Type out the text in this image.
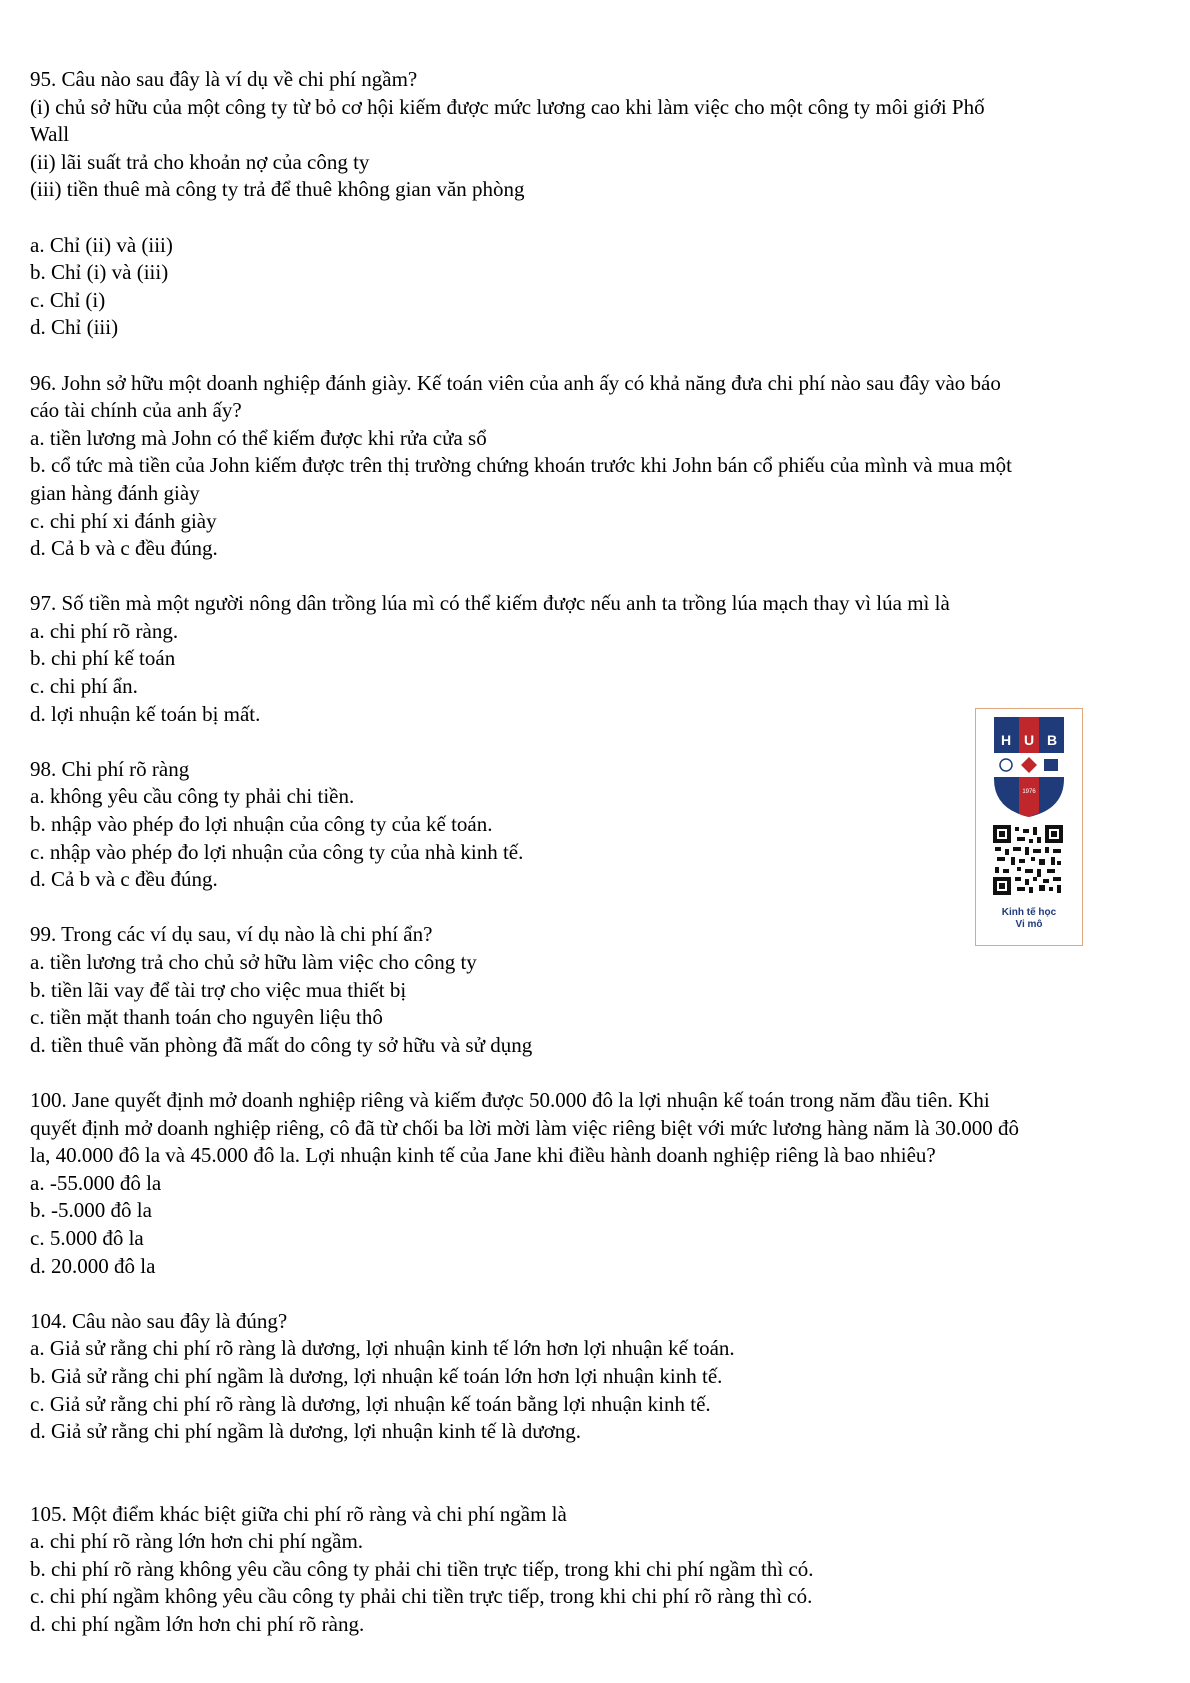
95. Câu nào sau đây là ví dụ về chi phí ngầm?

(i) chủ sở hữu của một công ty từ bỏ cơ hội kiếm được mức lương cao khi làm việc cho một công ty môi giới Phố

Wall

(ii) lãi suất trả cho khoản nợ của công ty

(iii) tiền thuê mà công ty trả để thuê không gian văn phòng

a. Chỉ (ii) và (iii)

b. Chỉ (i) và (iii)

c. Chỉ (i)

d. Chỉ (iii)

96. John sở hữu một doanh nghiệp đánh giày. Kế toán viên của anh ấy có khả năng đưa chi phí nào sau đây vào báo

cáo tài chính của anh ấy?

a. tiền lương mà John có thể kiếm được khi rửa cửa sổ

b. cổ tức mà tiền của John kiếm được trên thị trường chứng khoán trước khi John bán cổ phiếu của mình và mua một

gian hàng đánh giày

c. chi phí xi đánh giày

d. Cả b và c đều đúng.

97. Số tiền mà một người nông dân trồng lúa mì có thể kiếm được nếu anh ta trồng lúa mạch thay vì lúa mì là

a. chi phí rõ ràng.

b. chi phí kế toán

c. chi phí ẩn.

d. lợi nhuận kế toán bị mất.

98. Chi phí rõ ràng

a. không yêu cầu công ty phải chi tiền.

b. nhập vào phép đo lợi nhuận của công ty của kế toán.

c. nhập vào phép đo lợi nhuận của công ty của nhà kinh tế.

d. Cả b và c đều đúng.

99. Trong các ví dụ sau, ví dụ nào là chi phí ẩn?

a. tiền lương trả cho chủ sở hữu làm việc cho công ty

b. tiền lãi vay để tài trợ cho việc mua thiết bị

c. tiền mặt thanh toán cho nguyên liệu thô

d. tiền thuê văn phòng đã mất do công ty sở hữu và sử dụng

100. Jane quyết định mở doanh nghiệp riêng và kiếm được 50.000 đô la lợi nhuận kế toán trong năm đầu tiên. Khi

quyết định mở doanh nghiệp riêng, cô đã từ chối ba lời mời làm việc riêng biệt với mức lương hàng năm là 30.000 đô

la, 40.000 đô la và 45.000 đô la. Lợi nhuận kinh tế của Jane khi điều hành doanh nghiệp riêng là bao nhiêu?

a. -55.000 đô la

b. -5.000 đô la

c. 5.000 đô la

d. 20.000 đô la

104. Câu nào sau đây là đúng?

a. Giả sử rằng chi phí rõ ràng là dương, lợi nhuận kinh tế lớn hơn lợi nhuận kế toán.

b. Giả sử rằng chi phí ngầm là dương, lợi nhuận kế toán lớn hơn lợi nhuận kinh tế.

c. Giả sử rằng chi phí rõ ràng là dương, lợi nhuận kế toán bằng lợi nhuận kinh tế.

d. Giả sử rằng chi phí ngầm là dương, lợi nhuận kinh tế là dương.

105. Một điểm khác biệt giữa chi phí rõ ràng và chi phí ngầm là

a. chi phí rõ ràng lớn hơn chi phí ngầm.

b. chi phí rõ ràng không yêu cầu công ty phải chi tiền trực tiếp, trong khi chi phí ngầm thì có.

c. chi phí ngầm không yêu cầu công ty phải chi tiền trực tiếp, trong khi chi phí rõ ràng thì có.

d. chi phí ngầm lớn hơn chi phí rõ ràng.

H U B
1976
Kinh tế học
Vi mô
